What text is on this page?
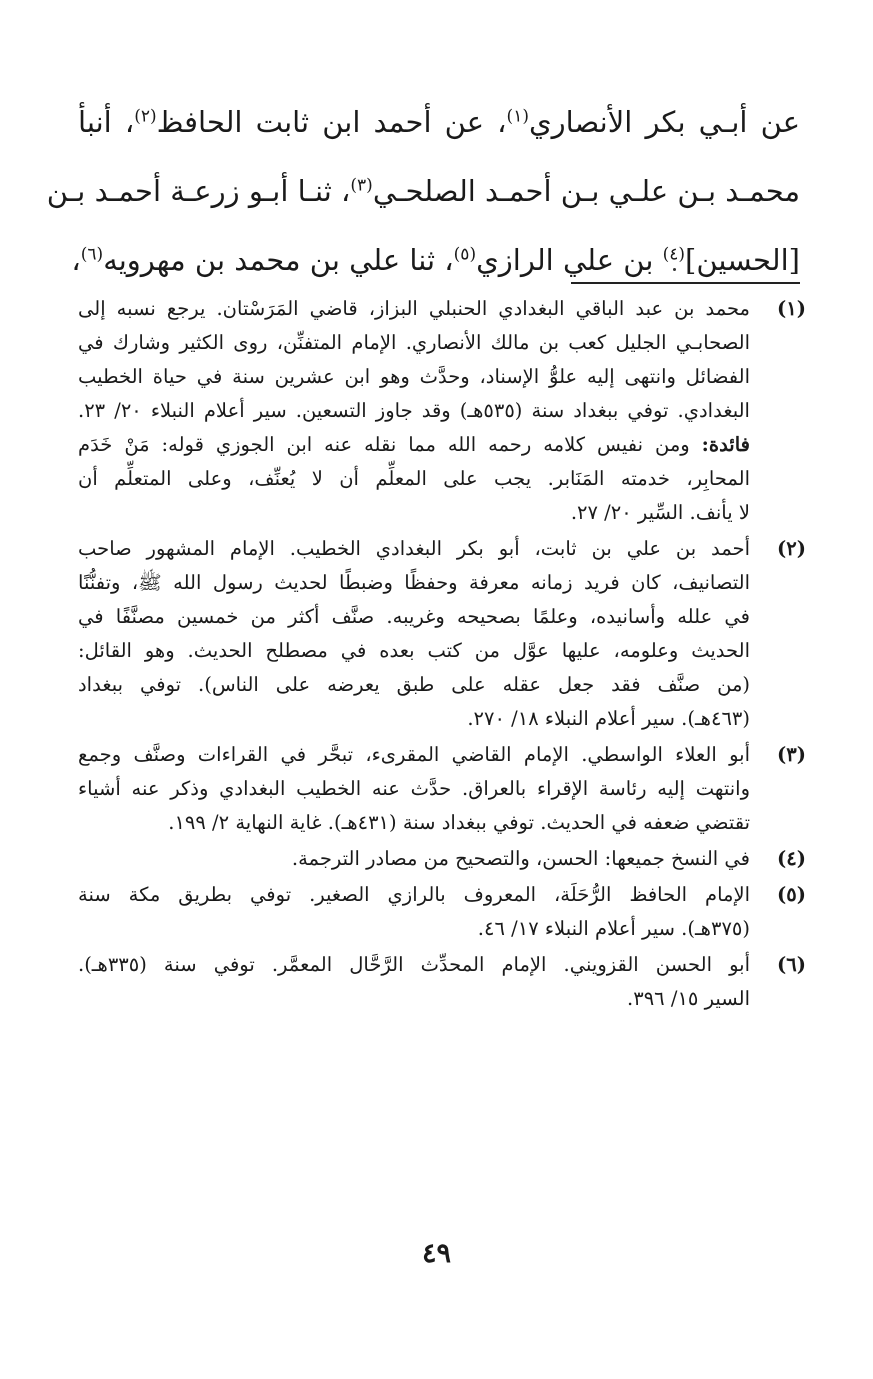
عن أبـي بكر الأنصاري$^{(١)}$، عن أحمد ابن ثابت الحافظ$^{(٢)}$، أنبأ
محمـد بـن علـي بـن أحمـد الصلحـي$^{(٣)}$، ثنـا أبـو زرعـة أحمـد بـن
[الحسين]$^{(٤)}$ بن علي الرازي$^{(٥)}$، ثنا علي بن محمد بن مهرويه$^{(٦)}$،
(١)
محمد بن عبد الباقي البغدادي الحنبلي البزاز، قاضي المَرَسْتان. يرجع نسبه إلى
الصحابـي الجليل كعب بن مالك الأنصاري. الإمام المتفنِّن، روى الكثير وشارك في
الفضائل وانتهى إليه علوُّ الإسناد، وحدَّث وهو ابن عشرين سنة في حياة الخطيب
البغدادي. توفي ببغداد سنة (٥٣٥هـ) وقد جاوز التسعين. سير أعلام النبلاء ٢٠/ ٢٣.
فائدة: ومن نفيس كلامه رحمه الله مما نقله عنه ابن الجوزي قوله: مَنْ خَدَم
المحابِر، خدمته المَنَابر. يجب على المعلِّم أن لا يُعنِّف، وعلى المتعلِّم أن
لا يأنف. السِّير ٢٠/ ٢٧.
(٢)
أحمد بن علي بن ثابت، أبو بكر البغدادي الخطيب. الإمام المشهور صاحب
التصانيف، كان فريد زمانه معرفة وحفظًا وضبطًا لحديث رسول الله ﷺ، وتفنُّنًا
في علله وأسانيده، وعلمًا بصحيحه وغريبه. صنَّف أكثر من خمسين مصنَّفًا في
الحديث وعلومه، عليها عوَّل من كتب بعده في مصطلح الحديث. وهو القائل:
(من صنَّف فقد جعل عقله على طبق يعرضه على الناس). توفي ببغداد
(٤٦٣هـ). سير أعلام النبلاء ١٨/ ٢٧٠.
(٣)
أبو العلاء الواسطي. الإمام القاضي المقرىء، تبحَّر في القراءات وصنَّف وجمع
وانتهت إليه رئاسة الإقراء بالعراق. حدَّث عنه الخطيب البغدادي وذكر عنه أشياء
تقتضي ضعفه في الحديث. توفي ببغداد سنة (٤٣١هـ). غاية النهاية ٢/ ١٩٩.
(٤)
في النسخ جميعها: الحسن، والتصحيح من مصادر الترجمة.
(٥)
الإمام الحافظ الرُّحَلَة، المعروف بالرازي الصغير. توفي بطريق مكة سنة
(٣٧٥هـ). سير أعلام النبلاء ١٧/ ٤٦.
(٦)
أبو الحسن القزويني. الإمام المحدِّث الرَّحَّال المعمَّر. توفي سنة (٣٣٥هـ).
السير ١٥/ ٣٩٦.
٤٩
